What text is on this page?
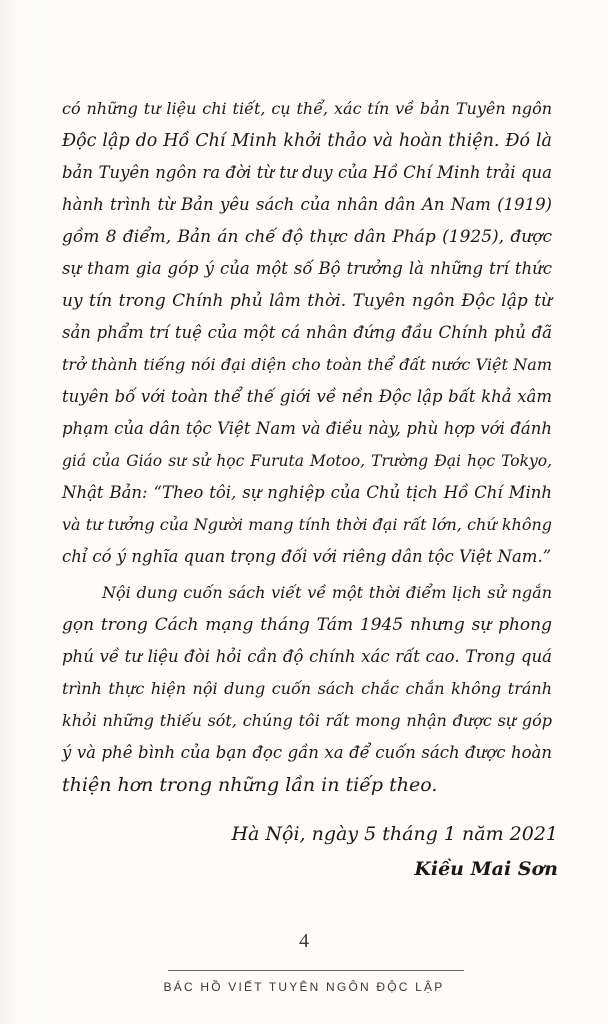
có những tư liệu chi tiết, cụ thể, xác tín về bản Tuyên ngôn
Độc lập do Hồ Chí Minh khởi thảo và hoàn thiện. Đó là
bản Tuyên ngôn ra đời từ tư duy của Hồ Chí Minh trải qua
hành trình từ Bản yêu sách của nhân dân An Nam (1919)
gồm 8 điểm, Bản án chế độ thực dân Pháp (1925), được
sự tham gia góp ý của một số Bộ trưởng là những trí thức
uy tín trong Chính phủ lâm thời. Tuyên ngôn Độc lập từ
sản phẩm trí tuệ của một cá nhân đứng đầu Chính phủ đã
trở thành tiếng nói đại diện cho toàn thể đất nước Việt Nam
tuyên bố với toàn thể thế giới về nền Độc lập bất khả xâm
phạm của dân tộc Việt Nam và điều này, phù hợp với đánh
giá của Giáo sư sử học Furuta Motoo, Trường Đại học Tokyo,
Nhật Bản: “Theo tôi, sự nghiệp của Chủ tịch Hồ Chí Minh
và tư tưởng của Người mang tính thời đại rất lớn, chứ không
chỉ có ý nghĩa quan trọng đối với riêng dân tộc Việt Nam.”
Nội dung cuốn sách viết về một thời điểm lịch sử ngắn
gọn trong Cách mạng tháng Tám 1945 nhưng sự phong
phú về tư liệu đòi hỏi cần độ chính xác rất cao. Trong quá
trình thực hiện nội dung cuốn sách chắc chắn không tránh
khỏi những thiếu sót, chúng tôi rất mong nhận được sự góp
ý và phê bình của bạn đọc gần xa để cuốn sách được hoàn
thiện hơn trong những lần in tiếp theo.
Hà Nội, ngày 5 tháng 1 năm 2021
Kiều Mai Sơn
4
BÁC HỒ VIẾT TUYÊN NGÔN ĐỘC LẬP
